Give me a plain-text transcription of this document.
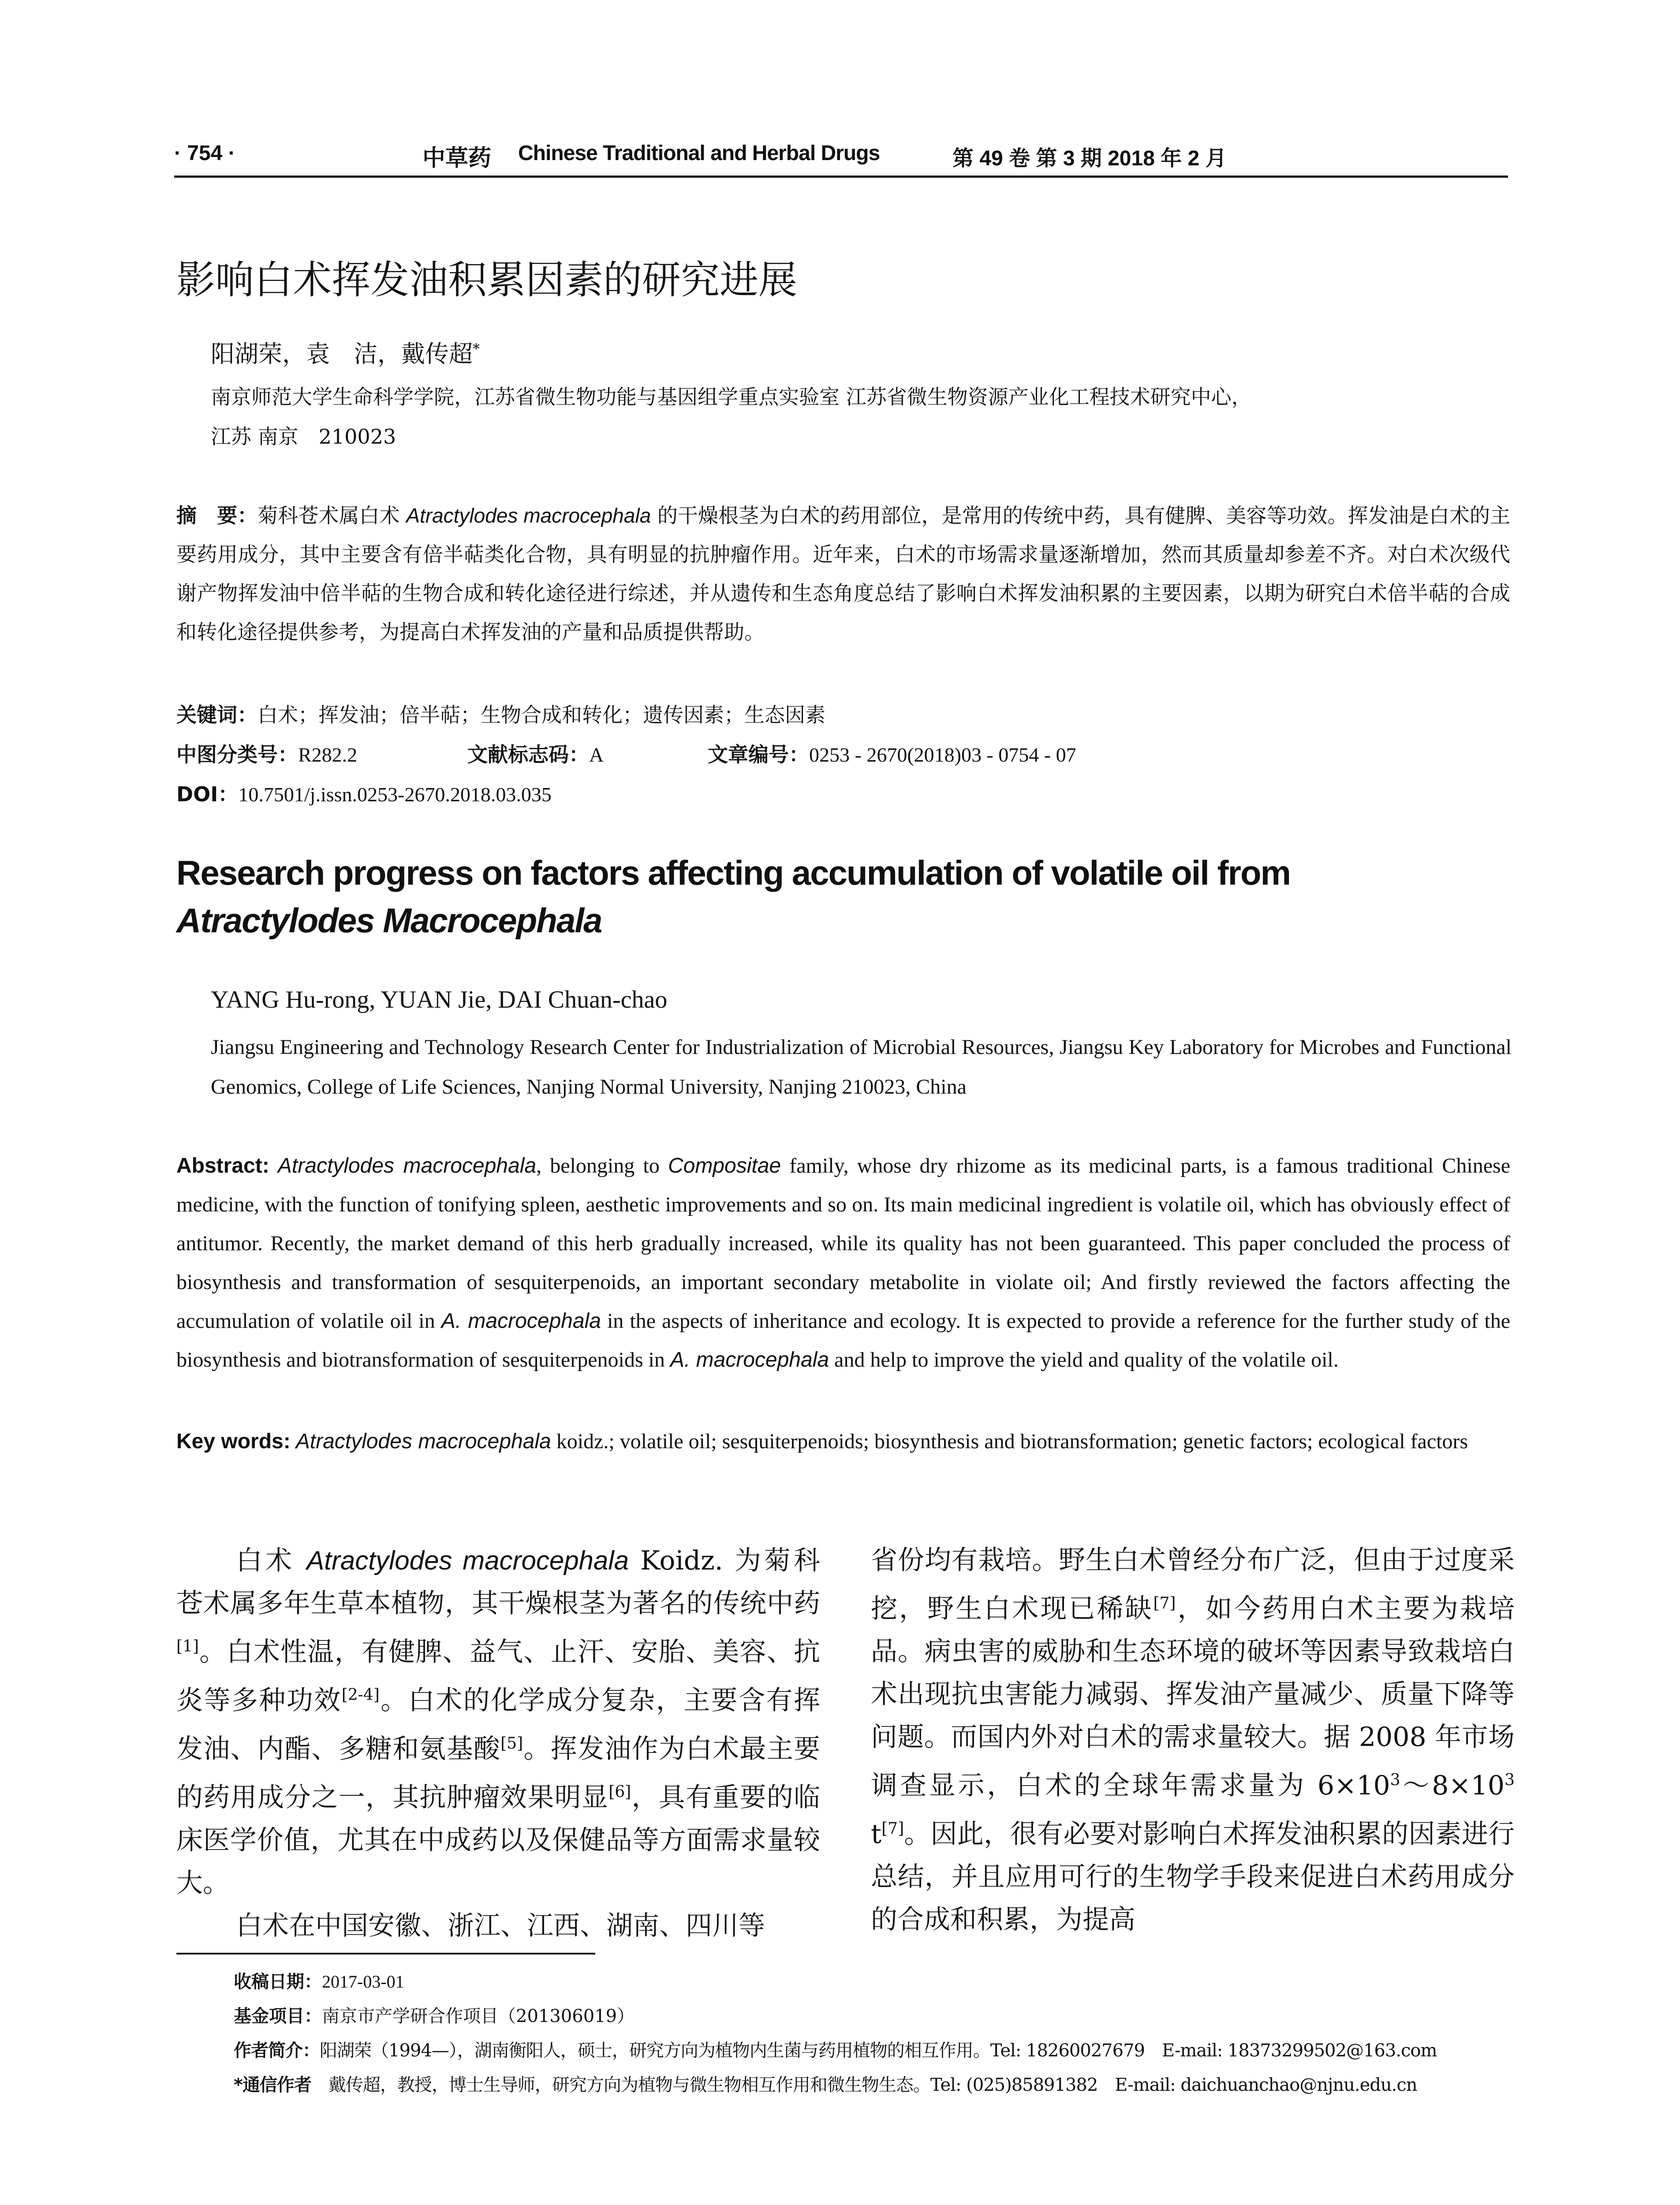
· 754 ·	中草药 Chinese Traditional and Herbal Drugs	第 49 卷 第 3 期 2018 年 2 月
影响白术挥发油积累因素的研究进展
阳湖荣，袁　洁，戴传超*
南京师范大学生命科学学院，江苏省微生物功能与基因组学重点实验室 江苏省微生物资源产业化工程技术研究中心，
江苏 南京　210023
摘　要：菊科苍术属白术 Atractylodes macrocephala 的干燥根茎为白术的药用部位，是常用的传统中药，具有健脾、美容等功效。挥发油是白术的主要药用成分，其中主要含有倍半萜类化合物，具有明显的抗肿瘤作用。近年来，白术的市场需求量逐渐增加，然而其质量却参差不齐。对白术次级代谢产物挥发油中倍半萜的生物合成和转化途径进行综述，并从遗传和生态角度总结了影响白术挥发油积累的主要因素，以期为研究白术倍半萜的合成和转化途径提供参考，为提高白术挥发油的产量和品质提供帮助。
关键词：白术；挥发油；倍半萜；生物合成和转化；遗传因素；生态因素
中图分类号：R282.2	文献标志码：A	文章编号：0253 - 2670(2018)03 - 0754 - 07
DOI：10.7501/j.issn.0253-2670.2018.03.035
Research progress on factors affecting accumulation of volatile oil from
Atractylodes Macrocephala
YANG Hu-rong, YUAN Jie, DAI Chuan-chao
Jiangsu Engineering and Technology Research Center for Industrialization of Microbial Resources, Jiangsu Key Laboratory for Microbes and Functional Genomics, College of Life Sciences, Nanjing Normal University, Nanjing 210023, China
Abstract: Atractylodes macrocephala, belonging to Compositae family, whose dry rhizome as its medicinal parts, is a famous traditional Chinese medicine, with the function of tonifying spleen, aesthetic improvements and so on. Its main medicinal ingredient is volatile oil, which has obviously effect of antitumor. Recently, the market demand of this herb gradually increased, while its quality has not been guaranteed. This paper concluded the process of biosynthesis and transformation of sesquiterpenoids, an important secondary metabolite in violate oil; And firstly reviewed the factors affecting the accumulation of volatile oil in A. macrocephala in the aspects of inheritance and ecology. It is expected to provide a reference for the further study of the biosynthesis and biotransformation of sesquiterpenoids in A. macrocephala and help to improve the yield and quality of the volatile oil.
Key words: Atractylodes macrocephala koidz.; volatile oil; sesquiterpenoids; biosynthesis and biotransformation; genetic factors; ecological factors
白术 Atractylodes macrocephala Koidz. 为菊科苍术属多年生草本植物，其干燥根茎为著名的传统中药[1]。白术性温，有健脾、益气、止汗、安胎、美容、抗炎等多种功效[2-4]。白术的化学成分复杂，主要含有挥发油、内酯、多糖和氨基酸[5]。挥发油作为白术最主要的药用成分之一，其抗肿瘤效果明显[6]，具有重要的临床医学价值，尤其在中成药以及保健品等方面需求量较大。
白术在中国安徽、浙江、江西、湖南、四川等
省份均有栽培。野生白术曾经分布广泛，但由于过度采挖，野生白术现已稀缺[7]，如今药用白术主要为栽培品。病虫害的威胁和生态环境的破坏等因素导致栽培白术出现抗虫害能力减弱、挥发油产量减少、质量下降等问题。而国内外对白术的需求量较大。据 2008 年市场调查显示，白术的全球年需求量为 $6\times 10^3\sim 8\times 10^3$ t[7]。因此，很有必要对影响白术挥发油积累的因素进行总结，并且应用可行的生物学手段来促进白术药用成分的合成和积累，为提高
收稿日期：2017-03-01
基金项目：南京市产学研合作项目（201306019）
作者简介：阳湖荣（1994—），湖南衡阳人，硕士，研究方向为植物内生菌与药用植物的相互作用。Tel: 18260027679　E-mail: 18373299502@163.com
*通信作者　戴传超，教授，博士生导师，研究方向为植物与微生物相互作用和微生物生态。Tel: (025)85891382　E-mail: daichuanchao@njnu.edu.cn
